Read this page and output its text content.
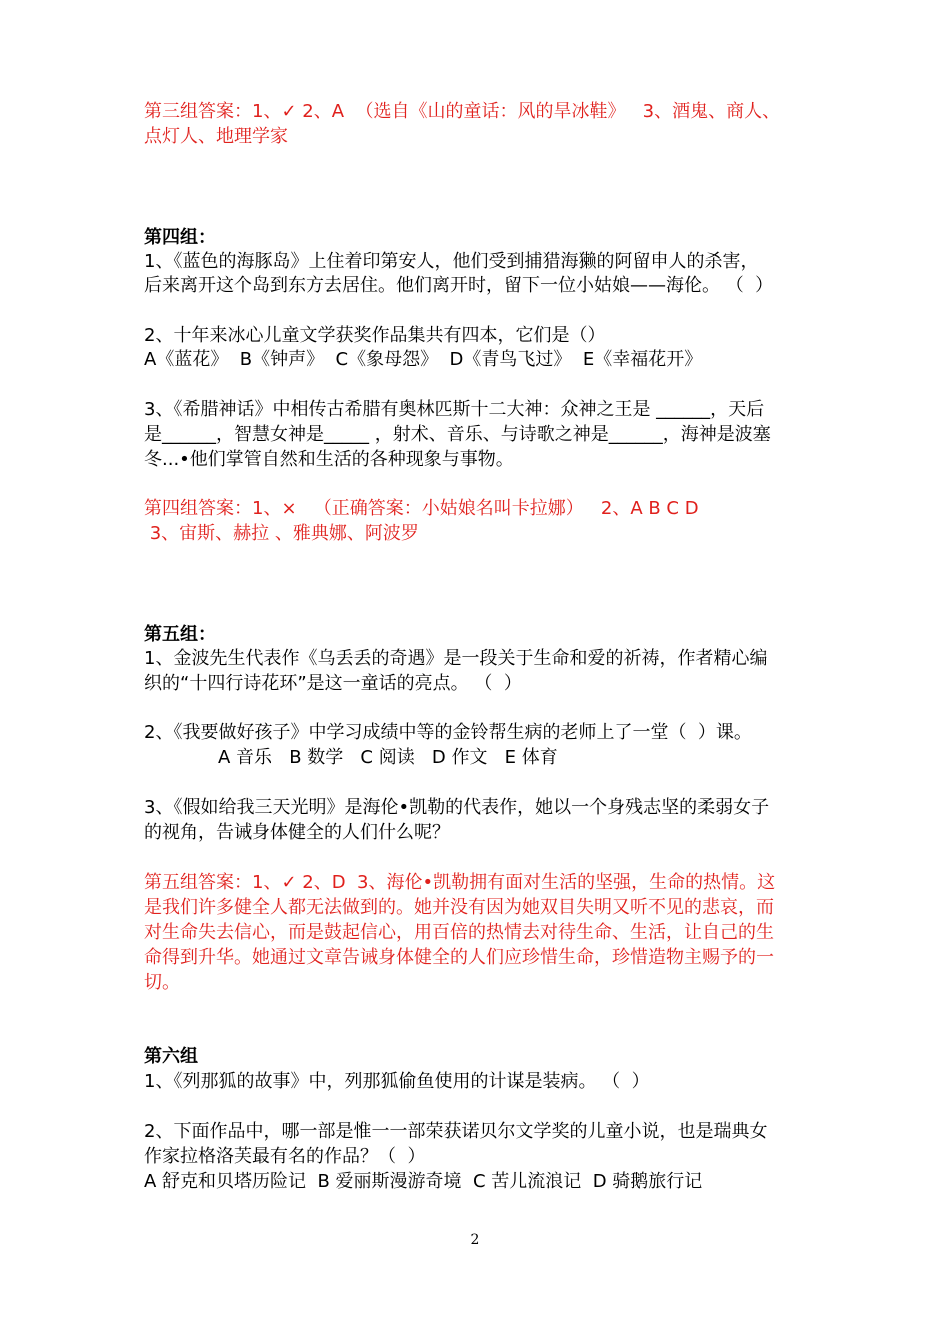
第三组答案：1、✓ 2、A  （选自《山的童话：风的旱冰鞋》   3、酒鬼、商人、
点灯人、地理学家
第四组：
1、《蓝色的海豚岛》上住着印第安人，他们受到捕猎海獭的阿留申人的杀害，
后来离开这个岛到东方去居住。他们离开时，留下一位小姑娘——海伦。 （  ）
2、十年来冰心儿童文学获奖作品集共有四本，它们是（）
A《蓝花》  B《钟声》  C《象母怨》  D《青鸟飞过》  E《幸福花开》
3、《希腊神话》中相传古希腊有奥林匹斯十二大神：众神之王是 ______，天后
是______，智慧女神是_____ ，射术、音乐、与诗歌之神是______，海神是波塞
冬...•他们掌管自然和生活的各种现象与事物。
第四组答案：1、×   （正确答案：小姑娘名叫卡拉娜）   2、A B C D
3、宙斯、赫拉 、雅典娜、阿波罗
第五组：
1、金波先生代表作《乌丢丢的奇遇》是一段关于生命和爱的祈祷，作者精心编
织的“十四行诗花环”是这一童话的亮点。 （  ）
2、《我要做好孩子》中学习成绩中等的金铃帮生病的老师上了一堂（  ）课。
A 音乐   B 数学   C 阅读   D 作文   E 体育
3、《假如给我三天光明》是海伦•凯勒的代表作，她以一个身残志坚的柔弱女子
的视角，告诫身体健全的人们什么呢？
第五组答案：1、✓ 2、D  3、海伦•凯勒拥有面对生活的坚强，生命的热情。这
是我们许多健全人都无法做到的。她并没有因为她双目失明又听不见的悲哀，而
对生命失去信心，而是鼓起信心，用百倍的热情去对待生命、生活，让自己的生
命得到升华。她通过文章告诫身体健全的人们应珍惜生命，珍惜造物主赐予的一
切。
第六组
1、《列那狐的故事》中，列那狐偷鱼使用的计谋是装病。 （  ）
2、下面作品中，哪一部是惟一一部荣获诺贝尔文学奖的儿童小说，也是瑞典女
作家拉格洛芙最有名的作品？（  ）
A 舒克和贝塔历险记  B 爱丽斯漫游奇境  C 苦儿流浪记  D 骑鹅旅行记
2
